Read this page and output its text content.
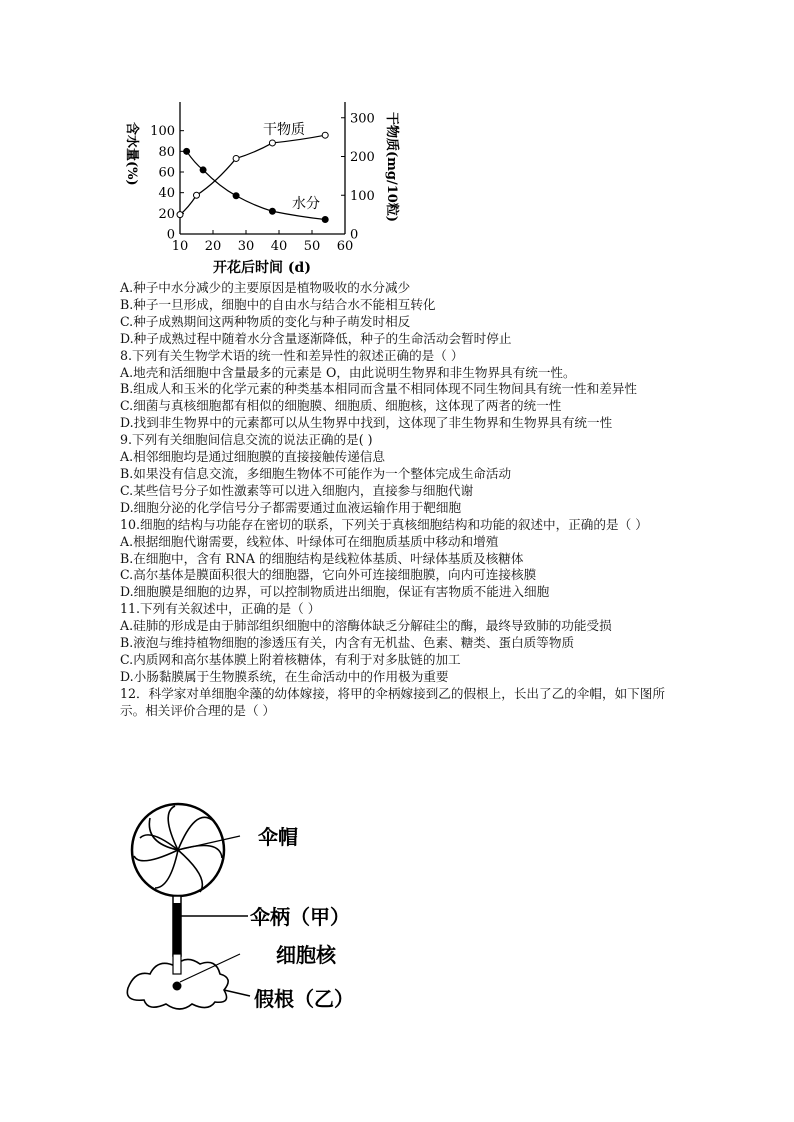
10 20 30 40 50 60
0
20
40
60
80
100
0
100
200
300
干物质
水分
开花后时间 (d)
含水量(%)	干物质(mg/10粒)
A.种子中水分减少的主要原因是植物吸收的水分减少
B.种子一旦形成，细胞中的自由水与结合水不能相互转化
C.种子成熟期间这两种物质的变化与种子萌发时相反
D.种子成熟过程中随着水分含量逐渐降低，种子的生命活动会暂时停止
8.下列有关生物学术语的统一性和差异性的叙述正确的是（ ）
A.地壳和活细胞中含量最多的元素是 O，由此说明生物界和非生物界具有统一性。
B.组成人和玉米的化学元素的种类基本相同而含量不相同体现不同生物间具有统一性和差异性
C.细菌与真核细胞都有相似的细胞膜、细胞质、细胞核，这体现了两者的统一性
D.找到非生物界中的元素都可以从生物界中找到，这体现了非生物界和生物界具有统一性
9.下列有关细胞间信息交流的说法正确的是( )
A.相邻细胞均是通过细胞膜的直接接触传递信息
B.如果没有信息交流，多细胞生物体不可能作为一个整体完成生命活动
C.某些信号分子如性激素等可以进入细胞内，直接参与细胞代谢
D.细胞分泌的化学信号分子都需要通过血液运输作用于靶细胞
10.细胞的结构与功能存在密切的联系，下列关于真核细胞结构和功能的叙述中，正确的是（ ）
A.根据细胞代谢需要，线粒体、叶绿体可在细胞质基质中移动和增殖
B.在细胞中，含有 RNA 的细胞结构是线粒体基质、叶绿体基质及核糖体
C.高尔基体是膜面积很大的细胞器，它向外可连接细胞膜，向内可连接核膜
D.细胞膜是细胞的边界，可以控制物质进出细胞，保证有害物质不能进入细胞
11.下列有关叙述中，正确的是（ ）
A.硅肺的形成是由于肺部组织细胞中的溶酶体缺乏分解硅尘的酶，最终导致肺的功能受损
B.液泡与维持植物细胞的渗透压有关，内含有无机盐、色素、糖类、蛋白质等物质
C.内质网和高尔基体膜上附着核糖体，有利于对多肽链的加工
D.小肠黏膜属于生物膜系统，在生命活动中的作用极为重要
12．科学家对单细胞伞藻的幼体嫁接，将甲的伞柄嫁接到乙的假根上，长出了乙的伞帽，如下图所示。相关评价合理的是（ ）
伞帽
伞柄（甲）
细胞核
假根（乙）
